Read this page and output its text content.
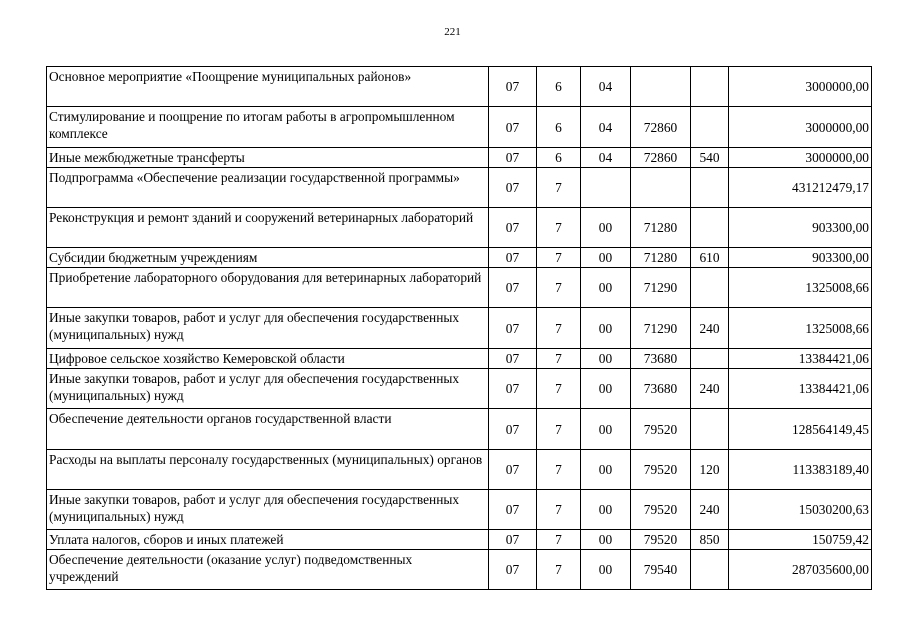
221
Основное мероприятие «Поощрение муниципальных районов»	07	6	04			3000000,00
Стимулирование и поощрение по итогам работы в агропромышленном комплексе	07	6	04	72860		3000000,00
Иные межбюджетные трансферты	07	6	04	72860	540	3000000,00
Подпрограмма «Обеспечение реализации государственной программы»	07	7				431212479,17
Реконструкция и ремонт зданий и сооружений ветеринарных лабораторий	07	7	00	71280		903300,00
Субсидии бюджетным учреждениям	07	7	00	71280	610	903300,00
Приобретение лабораторного оборудования для ветеринарных лабораторий	07	7	00	71290		1325008,66
Иные закупки товаров, работ и услуг для обеспечения государственных (муниципальных) нужд	07	7	00	71290	240	1325008,66
Цифровое сельское хозяйство Кемеровской области	07	7	00	73680		13384421,06
Иные закупки товаров, работ и услуг для обеспечения государственных (муниципальных) нужд	07	7	00	73680	240	13384421,06
Обеспечение деятельности органов государственной власти	07	7	00	79520		128564149,45
Расходы на выплаты персоналу государственных (муниципальных) органов	07	7	00	79520	120	113383189,40
Иные закупки товаров, работ и услуг для обеспечения государственных (муниципальных) нужд	07	7	00	79520	240	15030200,63
Уплата налогов, сборов и иных платежей	07	7	00	79520	850	150759,42
Обеспечение деятельности (оказание услуг) подведомственных учреждений	07	7	00	79540		287035600,00
